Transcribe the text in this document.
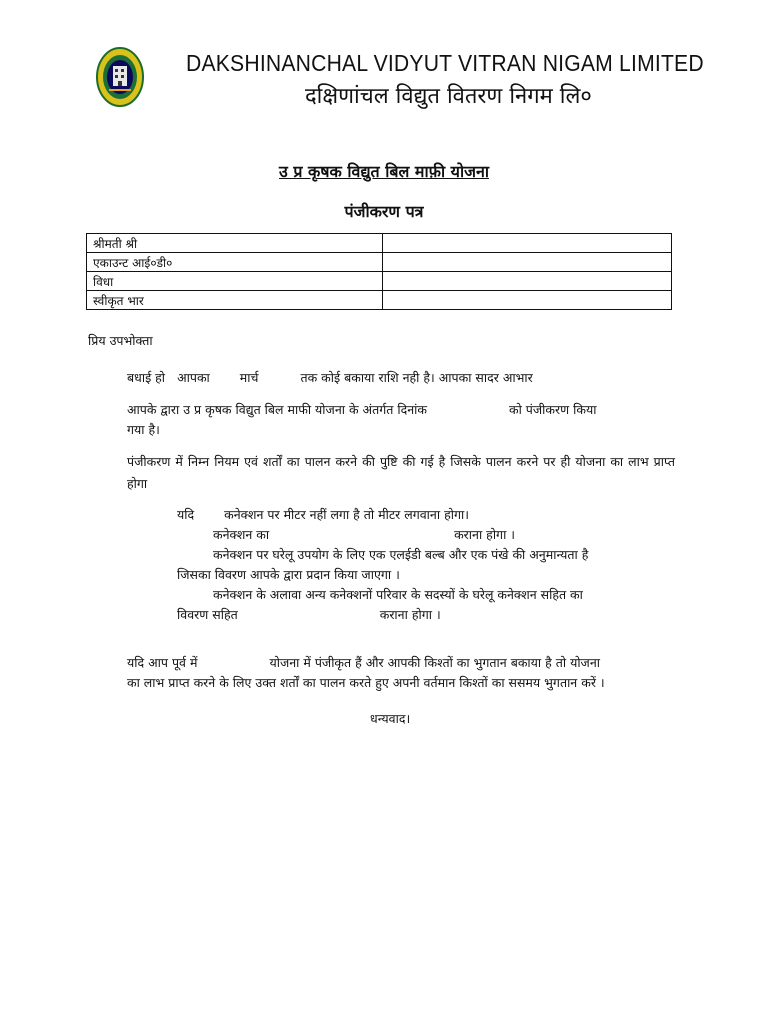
DAKSHINANCHAL VIDYUT VITRAN NIGAM LIMITED
दक्षिणांचल विद्युत वितरण निगम लि०
उ प्र कृषक विद्युत बिल माफ़ी योजना
पंजीकरण पत्र
श्रीमती श्री	
एकाउन्ट आई०डी०	
विधा	
स्वीकृत भार	
प्रिय उपभोक्ता
बधाई हो आपका मार्च	तक कोई बकाया राशि नही है। आपका सादर आभार
आपके द्वारा उ प्र कृषक विद्युत बिल माफी योजना के अंतर्गत दिनांक	को पंजीकरण किया
गया है।
पंजीकरण में निम्न नियम एवं शर्तों का पालन करने की पुष्टि की गई है जिसके पालन करने पर ही योजना का लाभ प्राप्त होगा
यदि कनेक्शन पर मीटर नहीं लगा है तो मीटर लगवाना होगा।
कनेक्शन का	कराना होगा ।
कनेक्शन पर घरेलू उपयोग के लिए एक एलईडी बल्ब और एक पंखे की अनुमान्यता है
जिसका विवरण आपके द्वारा प्रदान किया जाएगा ।
कनेक्शन के अलावा अन्य कनेक्शनों परिवार के सदस्यों के घरेलू कनेक्शन सहित का
विवरण सहित	कराना होगा ।
यदि आप पूर्व में	योजना में पंजीकृत हैं और आपकी किश्तों का भुगतान बकाया है तो योजना
का लाभ प्राप्त करने के लिए उक्त शर्तों का पालन करते हुए अपनी वर्तमान किश्तों का ससमय भुगतान करें ।
धन्यवाद।
